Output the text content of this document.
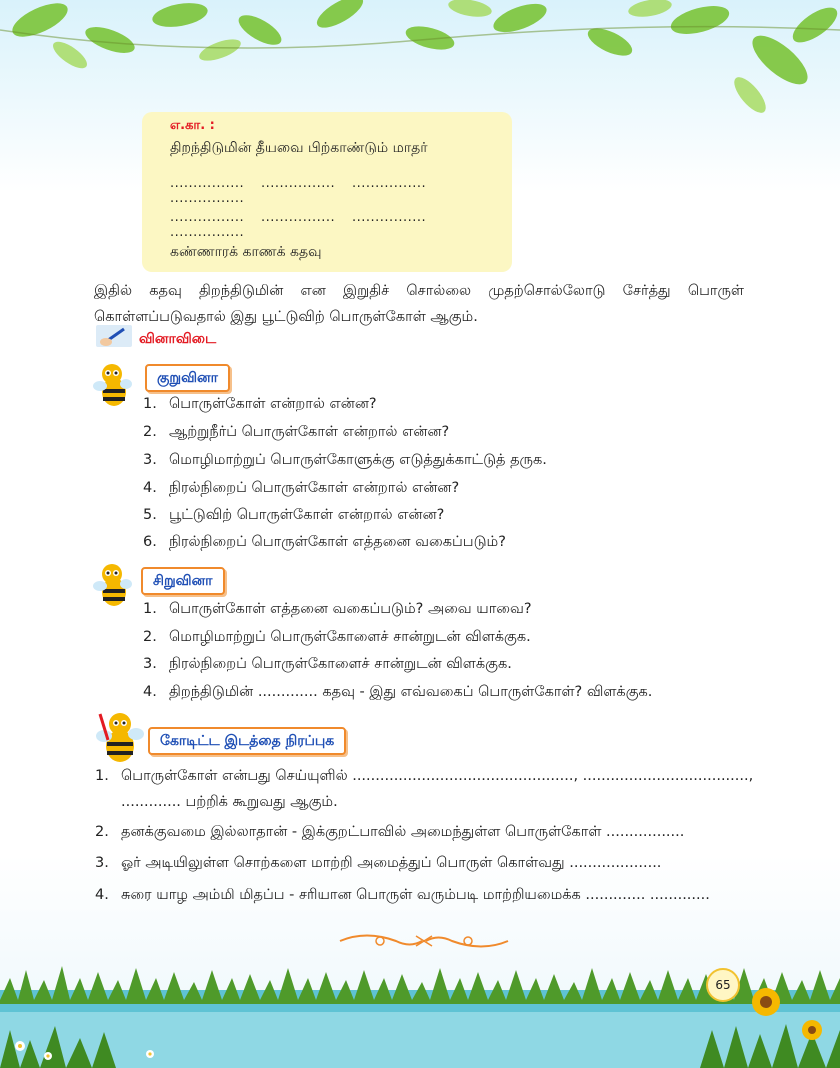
எ.கா. :
திறந்திடுமின் தீயவை பிற்காண்டும் மாதர்
................ ................ ................................
................ ................ ................................
கண்ணாரக் காணக் கதவு
இதில் கதவு திறந்திடுமின் என இறுதிச் சொல்லை முதற்சொல்லோடு சேர்த்து பொருள் கொள்ளப்படுவதால் இது பூட்டுவிற் பொருள்கோள் ஆகும்.
வினாவிடை
குறுவினா
1. பொருள்கோள் என்றால் என்ன?
2. ஆற்றுநீர்ப் பொருள்கோள் என்றால் என்ன?
3. மொழிமாற்றுப் பொருள்கோளுக்கு எடுத்துக்காட்டுத் தருக.
4. நிரல்நிறைப் பொருள்கோள் என்றால் என்ன?
5. பூட்டுவிற் பொருள்கோள் என்றால் என்ன?
6. நிரல்நிறைப் பொருள்கோள் எத்தனை வகைப்படும்?
சிறுவினா
1. பொருள்கோள் எத்தனை வகைப்படும்? அவை யாவை?
2. மொழிமாற்றுப் பொருள்கோளைச் சான்றுடன் விளக்குக.
3. நிரல்நிறைப் பொருள்கோளைச் சான்றுடன் விளக்குக.
4. திறந்திடுமின் ............. கதவு - இது எவ்வகைப் பொருள்கோள்? விளக்குக.
கோடிட்ட இடத்தை நிரப்புக
1. பொருள்கோள் என்பது செய்யுளில் ................................................, ....................................,
............. பற்றிக் கூறுவது ஆகும்.
2. தனக்குவமை இல்லாதான் - இக்குறட்பாவில் அமைந்துள்ள பொருள்கோள் .................
3. ஓர் அடியிலுள்ள சொற்களை மாற்றி அமைத்துப் பொருள் கொள்வது ....................
4. சுரை யாழ அம்மி மிதப்ப - சரியான பொருள் வரும்படி மாற்றியமைக்க ............. .............
65
